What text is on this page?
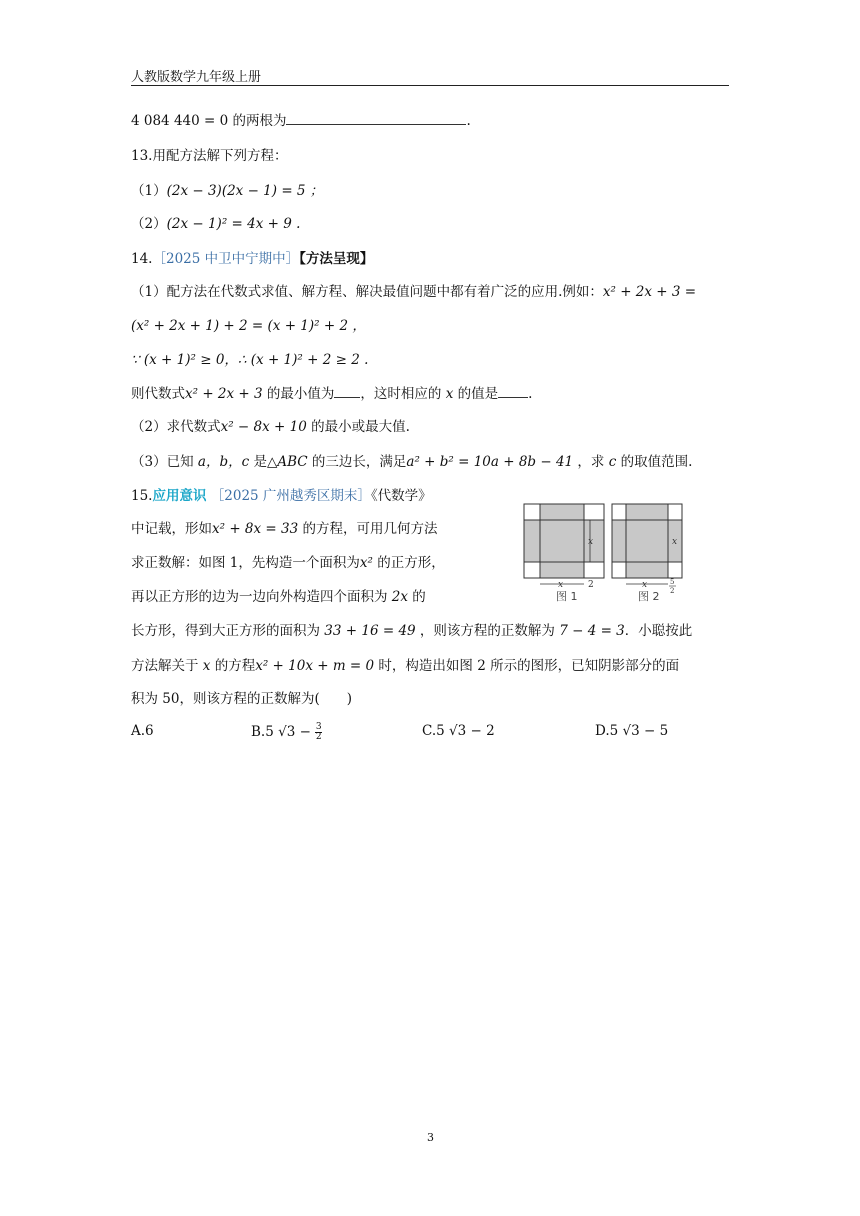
人教版数学九年级上册
4 084 440 = 0 的两根为	.
13.用配方法解下列方程：
（1）(2x − 3)(2x − 1) = 5 ；
（2）(2x − 1)² = 4x + 9 .
14.［2025 中卫中宁期中］【方法呈现】
（1）配方法在代数式求值、解方程、解决最值问题中都有着广泛的应用.例如：x² + 2x + 3 =
(x² + 2x + 1) + 2 = (x + 1)² + 2 ，
∵ (x + 1)² ≥ 0，∴ (x + 1)² + 2 ≥ 2 .
则代数式x² + 2x + 3 的最小值为 ，这时相应的 x 的值是 .
（2）求代数式x² − 8x + 10 的最小或最大值.
（3）已知 a，b，c 是△ABC 的三边长，满足a² + b² = 10a + 8b − 41 ，求 c 的取值范围.
15.应用意识 ［2025 广州越秀区期末］《代数学》
中记载，形如x² + 8x = 33 的方程，可用几何方法
求正数解：如图 1，先构造一个面积为x² 的正方形，
再以正方形的边为一边向外构造四个面积为 2x 的
x
x	2
图 1
x
x	5
2
图 2
长方形，得到大正方形的面积为 33 + 16 = 49 ，则该方程的正数解为 7 − 4 = 3．小聪按此
方法解关于 x 的方程x² + 10x + m = 0 时，构造出如图 2 所示的图形，已知阴影部分的面
积为 50，则该方程的正数解为(　　)
A.6	B.5 $√3 - \frac{3}{2}$	C.5 √3 − 2	D.5 √3 − 5
3
